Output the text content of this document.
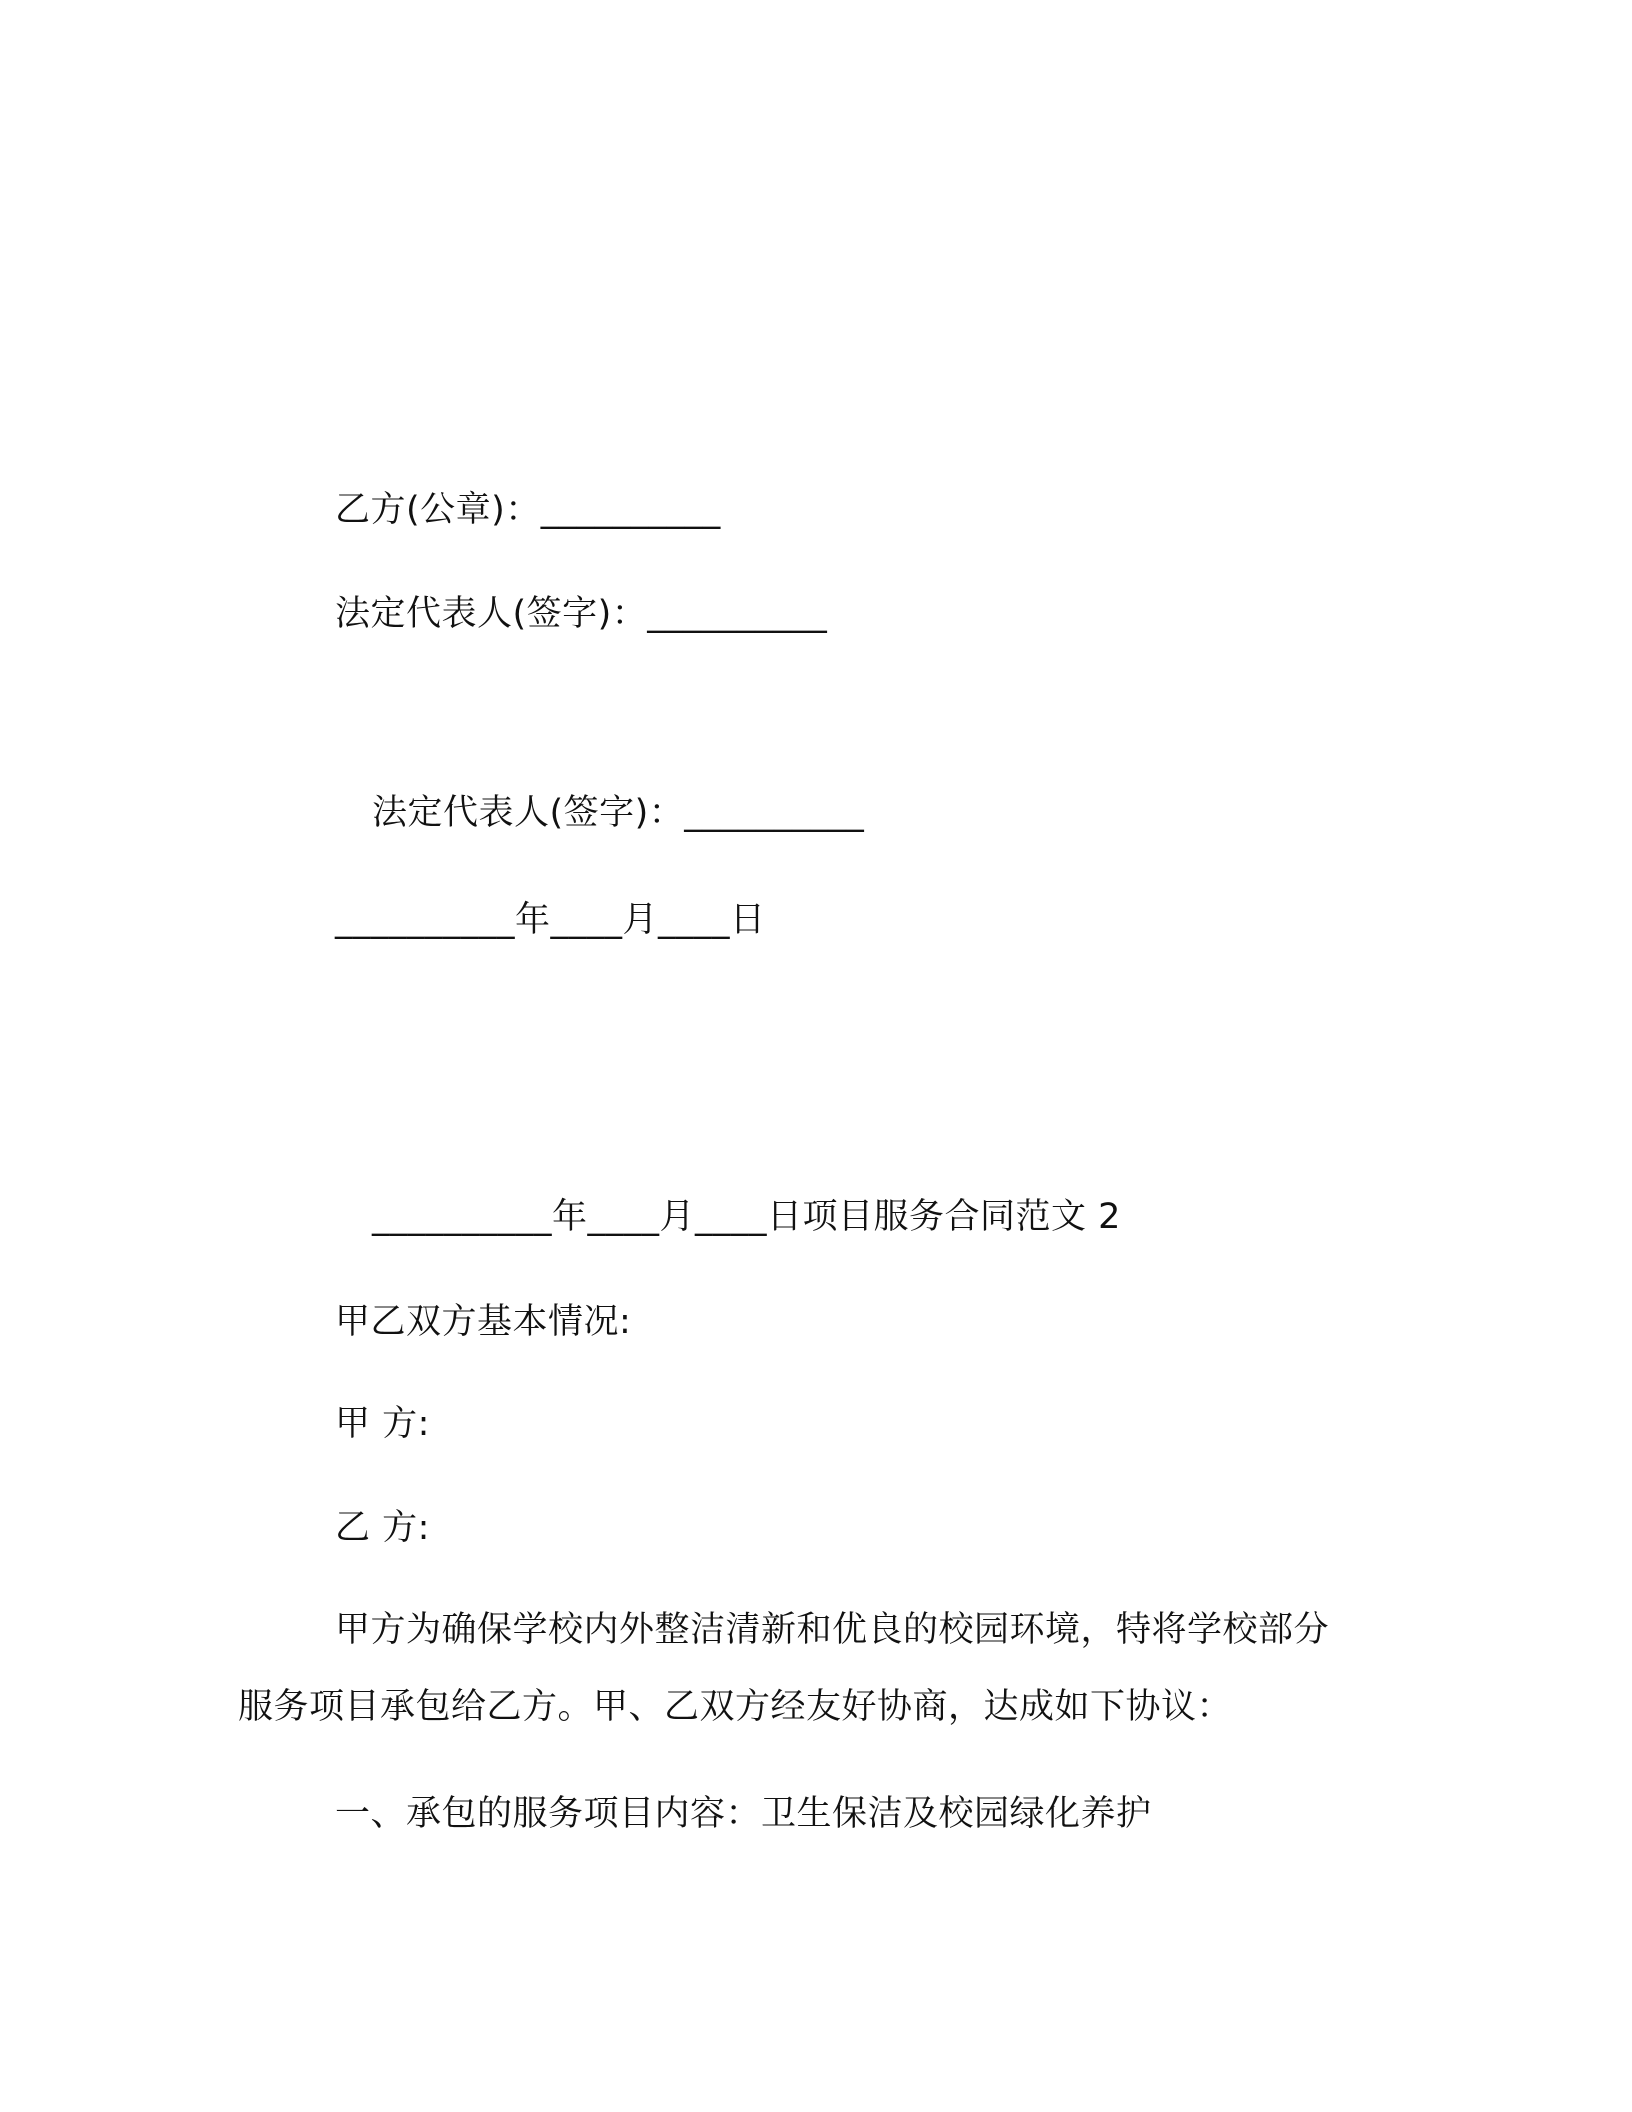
乙方(公章)：__________
法定代表人(签字)：__________
法定代表人(签字)：__________
__________年____月____日
__________年____月____日项目服务合同范文 2
甲乙双方基本情况:
甲 方:
乙 方:
甲方为确保学校内外整洁清新和优良的校园环境，特将学校部分
服务项目承包给乙方。甲、乙双方经友好协商，达成如下协议：
一、承包的服务项目内容：卫生保洁及校园绿化养护
